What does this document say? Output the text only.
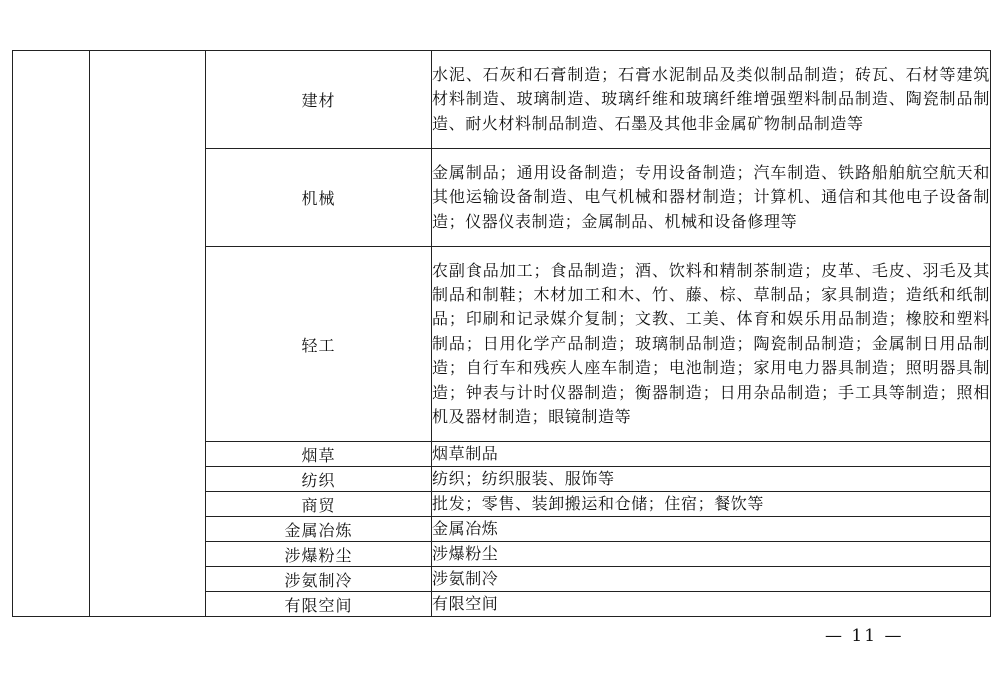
		建材	水泥、石灰和石膏制造；石膏水泥制品及类似制品制造；砖瓦、石材等建筑材料制造、玻璃制造、玻璃纤维和玻璃纤维增强塑料制品制造、陶瓷制品制造、耐火材料制品制造、石墨及其他非金属矿物制品制造等
		机械	金属制品；通用设备制造；专用设备制造；汽车制造、铁路船舶航空航天和其他运输设备制造、电气机械和器材制造；计算机、通信和其他电子设备制造；仪器仪表制造；金属制品、机械和设备修理等
		轻工	农副食品加工；食品制造；酒、饮料和精制茶制造；皮革、毛皮、羽毛及其制品和制鞋；木材加工和木、竹、藤、棕、草制品；家具制造；造纸和纸制品；印刷和记录媒介复制；文教、工美、体育和娱乐用品制造；橡胶和塑料制品；日用化学产品制造；玻璃制品制造；陶瓷制品制造；金属制日用品制造；自行车和残疾人座车制造；电池制造；家用电力器具制造；照明器具制造；钟表与计时仪器制造；衡器制造；日用杂品制造；手工具等制造；照相机及器材制造；眼镜制造等
		烟草	烟草制品
		纺织	纺织；纺织服装、服饰等
		商贸	批发；零售、装卸搬运和仓储；住宿；餐饮等
		金属冶炼	金属冶炼
		涉爆粉尘	涉爆粉尘
		涉氨制冷	涉氨制冷
		有限空间	有限空间
— 11 —
